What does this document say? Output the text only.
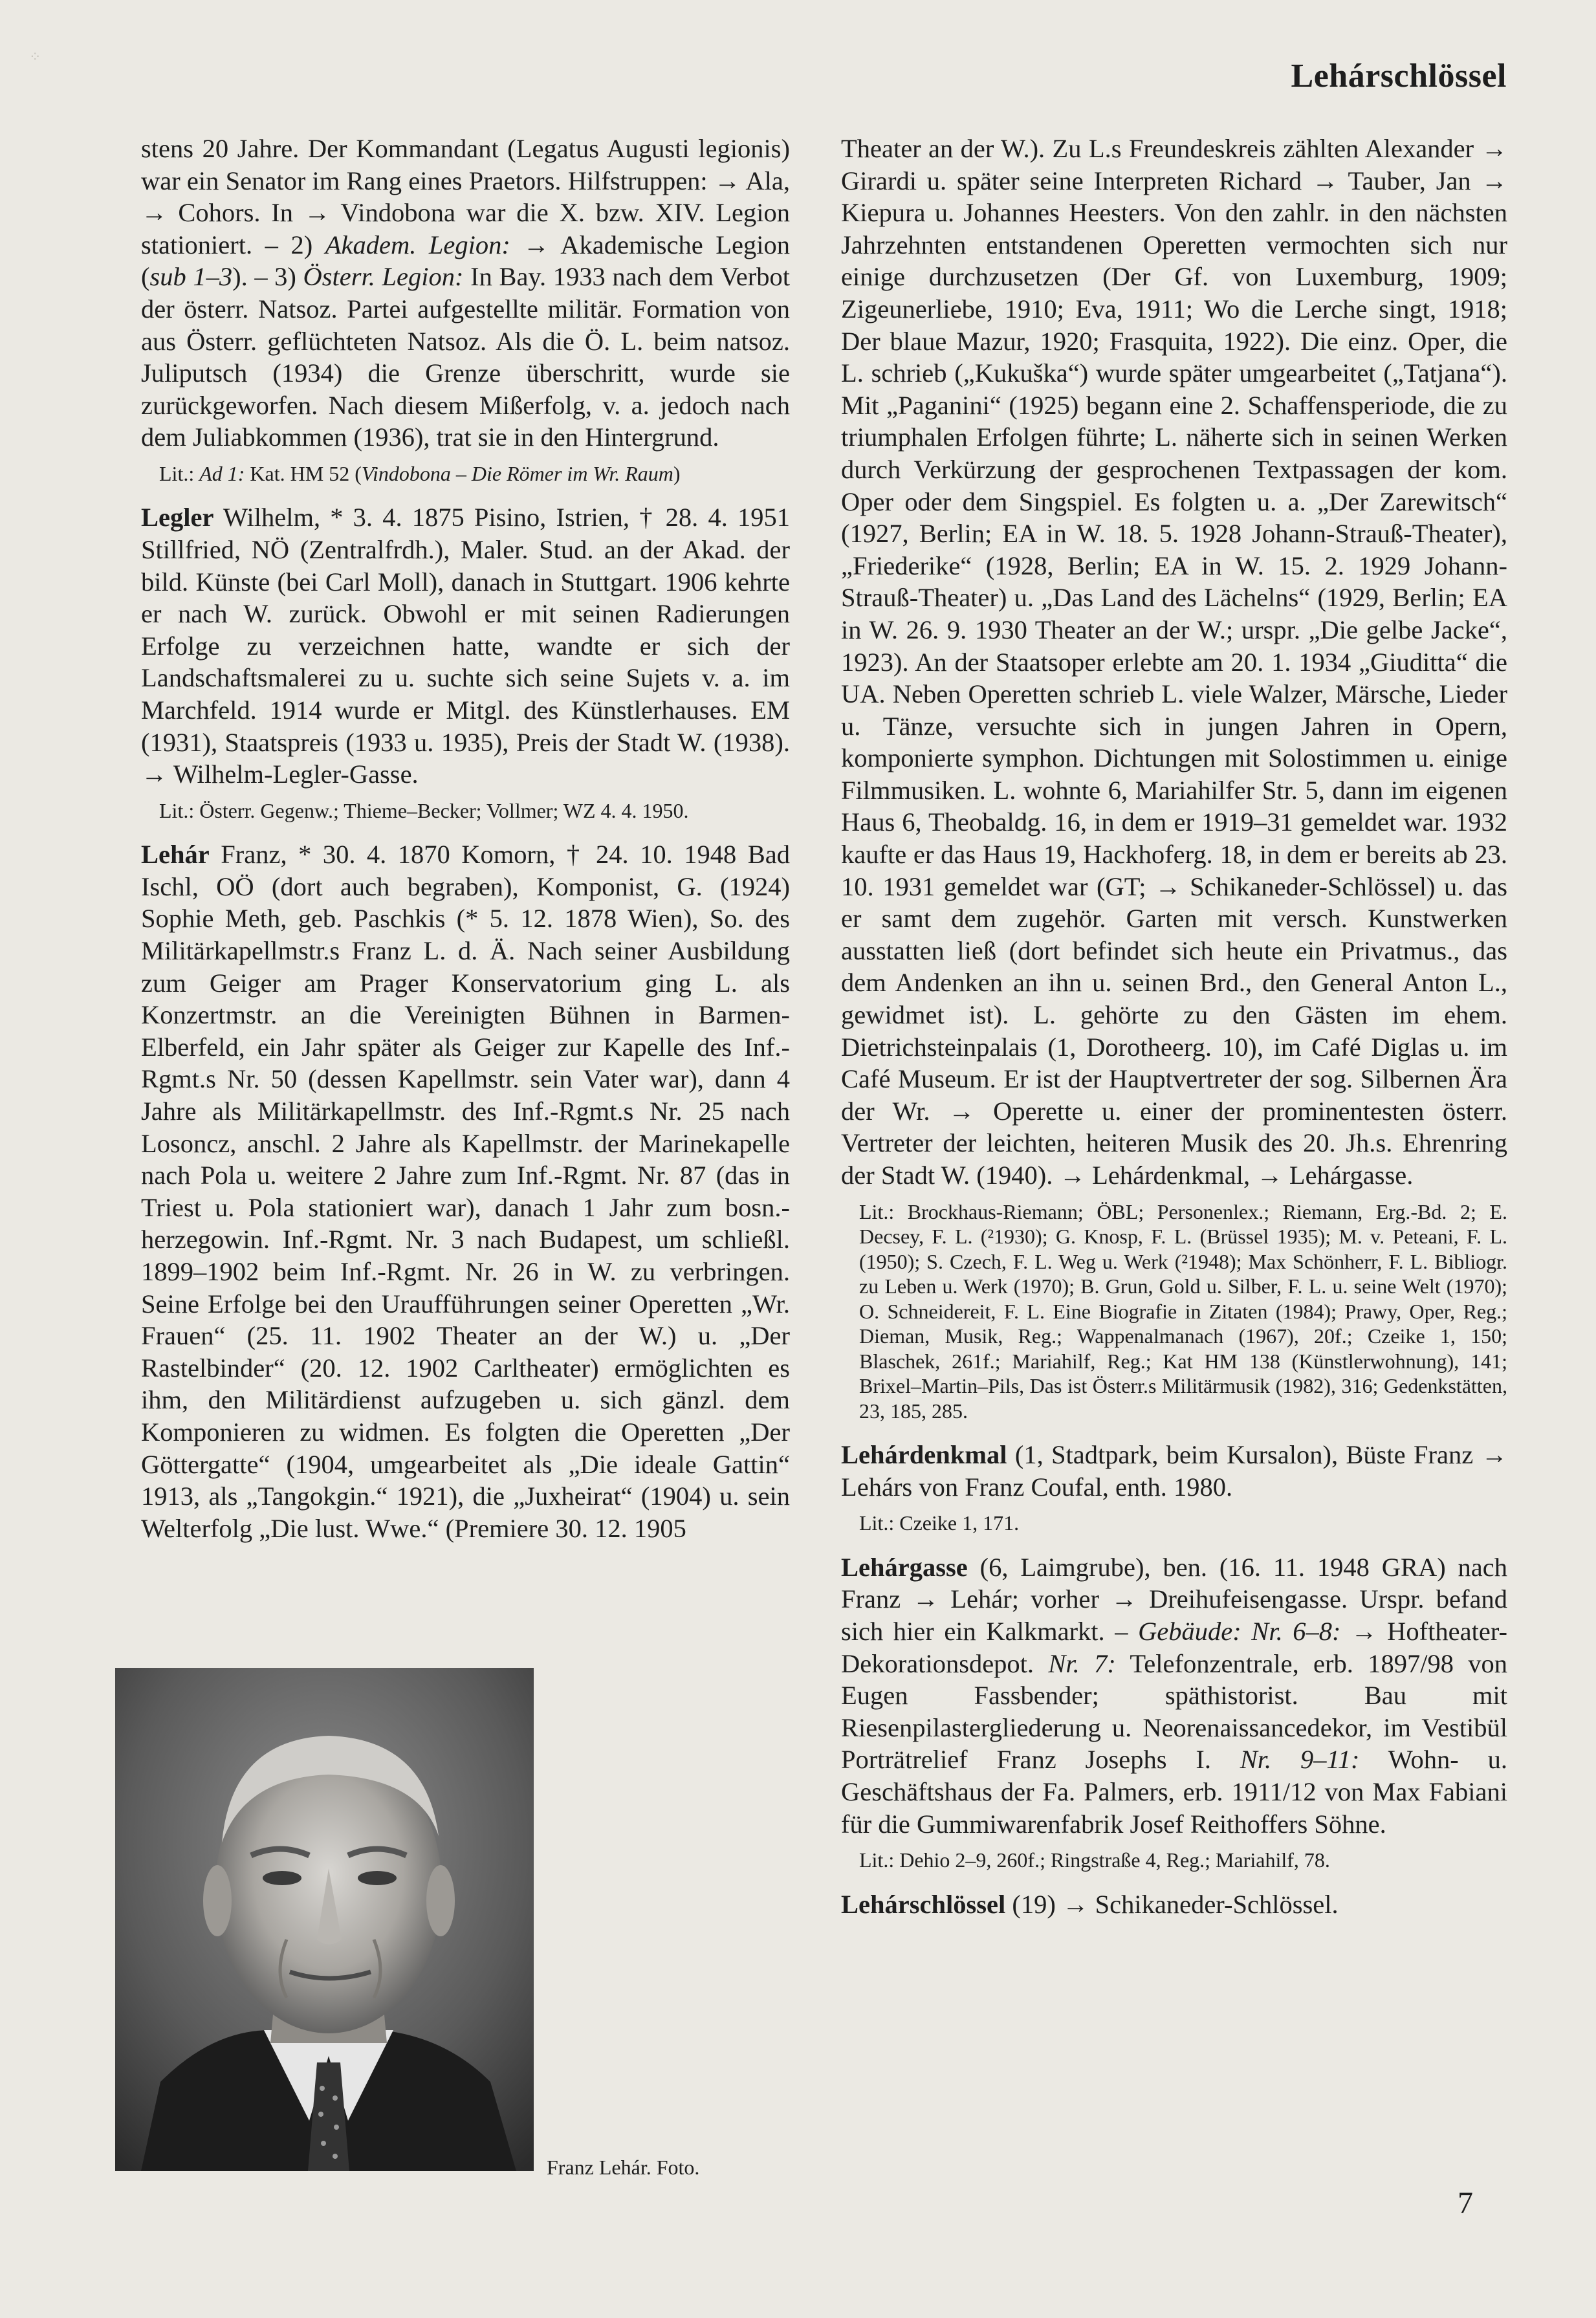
⁘
Lehárschlössel

stens 20 Jahre. Der Kommandant (Legatus Augusti legionis) war ein Senator im Rang eines Praetors. Hilfstruppen: → Ala, → Cohors. In → Vindobona war die X. bzw. XIV. Legion stationiert. – 2) Akadem. Legion: → Akademische Legion (sub 1–3). – 3) Österr. Legion: In Bay. 1933 nach dem Verbot der österr. Natsoz. Partei aufgestellte militär. Formation von aus Österr. geflüchteten Natsoz. Als die Ö. L. beim natsoz. Juliputsch (1934) die Grenze überschritt, wurde sie zurückgeworfen. Nach diesem Mißerfolg, v. a. jedoch nach dem Juliabkommen (1936), trat sie in den Hintergrund.

Lit.: Ad 1: Kat. HM 52 (Vindobona – Die Römer im Wr. Raum)

Legler Wilhelm, * 3. 4. 1875 Pisino, Istrien, † 28. 4. 1951 Stillfried, NÖ (Zentralfrdh.), Maler. Stud. an der Akad. der bild. Künste (bei Carl Moll), danach in Stuttgart. 1906 kehrte er nach W. zurück. Obwohl er mit seinen Radierungen Erfolge zu verzeichnen hatte, wandte er sich der Landschaftsmalerei zu u. suchte sich seine Sujets v. a. im Marchfeld. 1914 wurde er Mitgl. des Künstlerhauses. EM (1931), Staatspreis (1933 u. 1935), Preis der Stadt W. (1938). → Wilhelm-Legler-Gasse.

Lit.: Österr. Gegenw.; Thieme–Becker; Vollmer; WZ 4. 4. 1950.

Lehár Franz, * 30. 4. 1870 Komorn, † 24. 10. 1948 Bad Ischl, OÖ (dort auch begraben), Komponist, G. (1924) Sophie Meth, geb. Paschkis (* 5. 12. 1878 Wien), So. des Militärkapellmstr.s Franz L. d. Ä. Nach seiner Ausbildung zum Geiger am Prager Konservatorium ging L. als Konzertmstr. an die Vereinigten Bühnen in Barmen-Elberfeld, ein Jahr später als Geiger zur Kapelle des Inf.-Rgmt.s Nr. 50 (dessen Kapellmstr. sein Vater war), dann 4 Jahre als Militärkapellmstr. des Inf.-Rgmt.s Nr. 25 nach Losoncz, anschl. 2 Jahre als Kapellmstr. der Marinekapelle nach Pola u. weitere 2 Jahre zum Inf.-Rgmt. Nr. 87 (das in Triest u. Pola stationiert war), danach 1 Jahr zum bosn.-herzegowin. Inf.-Rgmt. Nr. 3 nach Budapest, um schließl. 1899–1902 beim Inf.-Rgmt. Nr. 26 in W. zu verbringen. Seine Erfolge bei den Uraufführungen seiner Operetten „Wr. Frauen“ (25. 11. 1902 Theater an der W.) u. „Der Rastelbinder“ (20. 12. 1902 Carltheater) ermöglichten es ihm, den Militärdienst aufzugeben u. sich gänzl. dem Komponieren zu widmen. Es folgten die Operetten „Der Göttergatte“ (1904, umgearbeitet als „Die ideale Gattin“ 1913, als „Tangokgin.“ 1921), die „Juxheirat“ (1904) u. sein Welterfolg „Die lust. Wwe.“ (Premiere 30. 12. 1905

Franz Lehár. Foto.

Theater an der W.). Zu L.s Freundeskreis zählten Alexander → Girardi u. später seine Interpreten Richard → Tauber, Jan → Kiepura u. Johannes Heesters. Von den zahlr. in den nächsten Jahrzehnten entstandenen Operetten vermochten sich nur einige durchzusetzen (Der Gf. von Luxemburg, 1909; Zigeunerliebe, 1910; Eva, 1911; Wo die Lerche singt, 1918; Der blaue Mazur, 1920; Frasquita, 1922). Die einz. Oper, die L. schrieb („Kukuška“) wurde später umgearbeitet („Tatjana“). Mit „Paganini“ (1925) begann eine 2. Schaffensperiode, die zu triumphalen Erfolgen führte; L. näherte sich in seinen Werken durch Verkürzung der gesprochenen Textpassagen der kom. Oper oder dem Singspiel. Es folgten u. a. „Der Zarewitsch“ (1927, Berlin; EA in W. 18. 5. 1928 Johann-Strauß-Theater), „Friederike“ (1928, Berlin; EA in W. 15. 2. 1929 Johann-Strauß-Theater) u. „Das Land des Lächelns“ (1929, Berlin; EA in W. 26. 9. 1930 Theater an der W.; urspr. „Die gelbe Jacke“, 1923). An der Staatsoper erlebte am 20. 1. 1934 „Giuditta“ die UA. Neben Operetten schrieb L. viele Walzer, Märsche, Lieder u. Tänze, versuchte sich in jungen Jahren in Opern, komponierte symphon. Dichtungen mit Solostimmen u. einige Filmmusiken. L. wohnte 6, Mariahilfer Str. 5, dann im eigenen Haus 6, Theobaldg. 16, in dem er 1919–31 gemeldet war. 1932 kaufte er das Haus 19, Hackhoferg. 18, in dem er bereits ab 23. 10. 1931 gemeldet war (GT; → Schikaneder-Schlössel) u. das er samt dem zugehör. Garten mit versch. Kunstwerken ausstatten ließ (dort befindet sich heute ein Privatmus., das dem Andenken an ihn u. seinen Brd., den General Anton L., gewidmet ist). L. gehörte zu den Gästen im ehem. Dietrichsteinpalais (1, Dorotheerg. 10), im Café Diglas u. im Café Museum. Er ist der Hauptvertreter der sog. Silbernen Ära der Wr. → Operette u. einer der prominentesten österr. Vertreter der leichten, heiteren Musik des 20. Jh.s. Ehrenring der Stadt W. (1940). → Lehárdenkmal, → Lehárgasse.

Lit.: Brockhaus-Riemann; ÖBL; Personenlex.; Riemann, Erg.-Bd. 2; E. Decsey, F. L. (²1930); G. Knosp, F. L. (Brüssel 1935); M. v. Peteani, F. L. (1950); S. Czech, F. L. Weg u. Werk (²1948); Max Schönherr, F. L. Bibliogr. zu Leben u. Werk (1970); B. Grun, Gold u. Silber, F. L. u. seine Welt (1970); O. Schneidereit, F. L. Eine Biografie in Zitaten (1984); Prawy, Oper, Reg.; Dieman, Musik, Reg.; Wappenalmanach (1967), 20f.; Czeike 1, 150; Blaschek, 261f.; Mariahilf, Reg.; Kat HM 138 (Künstlerwohnung), 141; Brixel–Martin–Pils, Das ist Österr.s Militärmusik (1982), 316; Gedenkstätten, 23, 185, 285.

Lehárdenkmal (1, Stadtpark, beim Kursalon), Büste Franz → Lehárs von Franz Coufal, enth. 1980.

Lit.: Czeike 1, 171.

Lehárgasse (6, Laimgrube), ben. (16. 11. 1948 GRA) nach Franz → Lehár; vorher → Dreihufeisengasse. Urspr. befand sich hier ein Kalkmarkt. – Gebäude: Nr. 6–8: → Hoftheater-Dekorationsdepot. Nr. 7: Telefonzentrale, erb. 1897/98 von Eugen Fassbender; späthistorist. Bau mit Riesenpilastergliederung u. Neorenaissancedekor, im Vestibül Porträtrelief Franz Josephs I. Nr. 9–11: Wohn- u. Geschäftshaus der Fa. Palmers, erb. 1911/12 von Max Fabiani für die Gummiwarenfabrik Josef Reithoffers Söhne.

Lit.: Dehio 2–9, 260f.; Ringstraße 4, Reg.; Mariahilf, 78.

Lehárschlössel (19) → Schikaneder-Schlössel.

7
